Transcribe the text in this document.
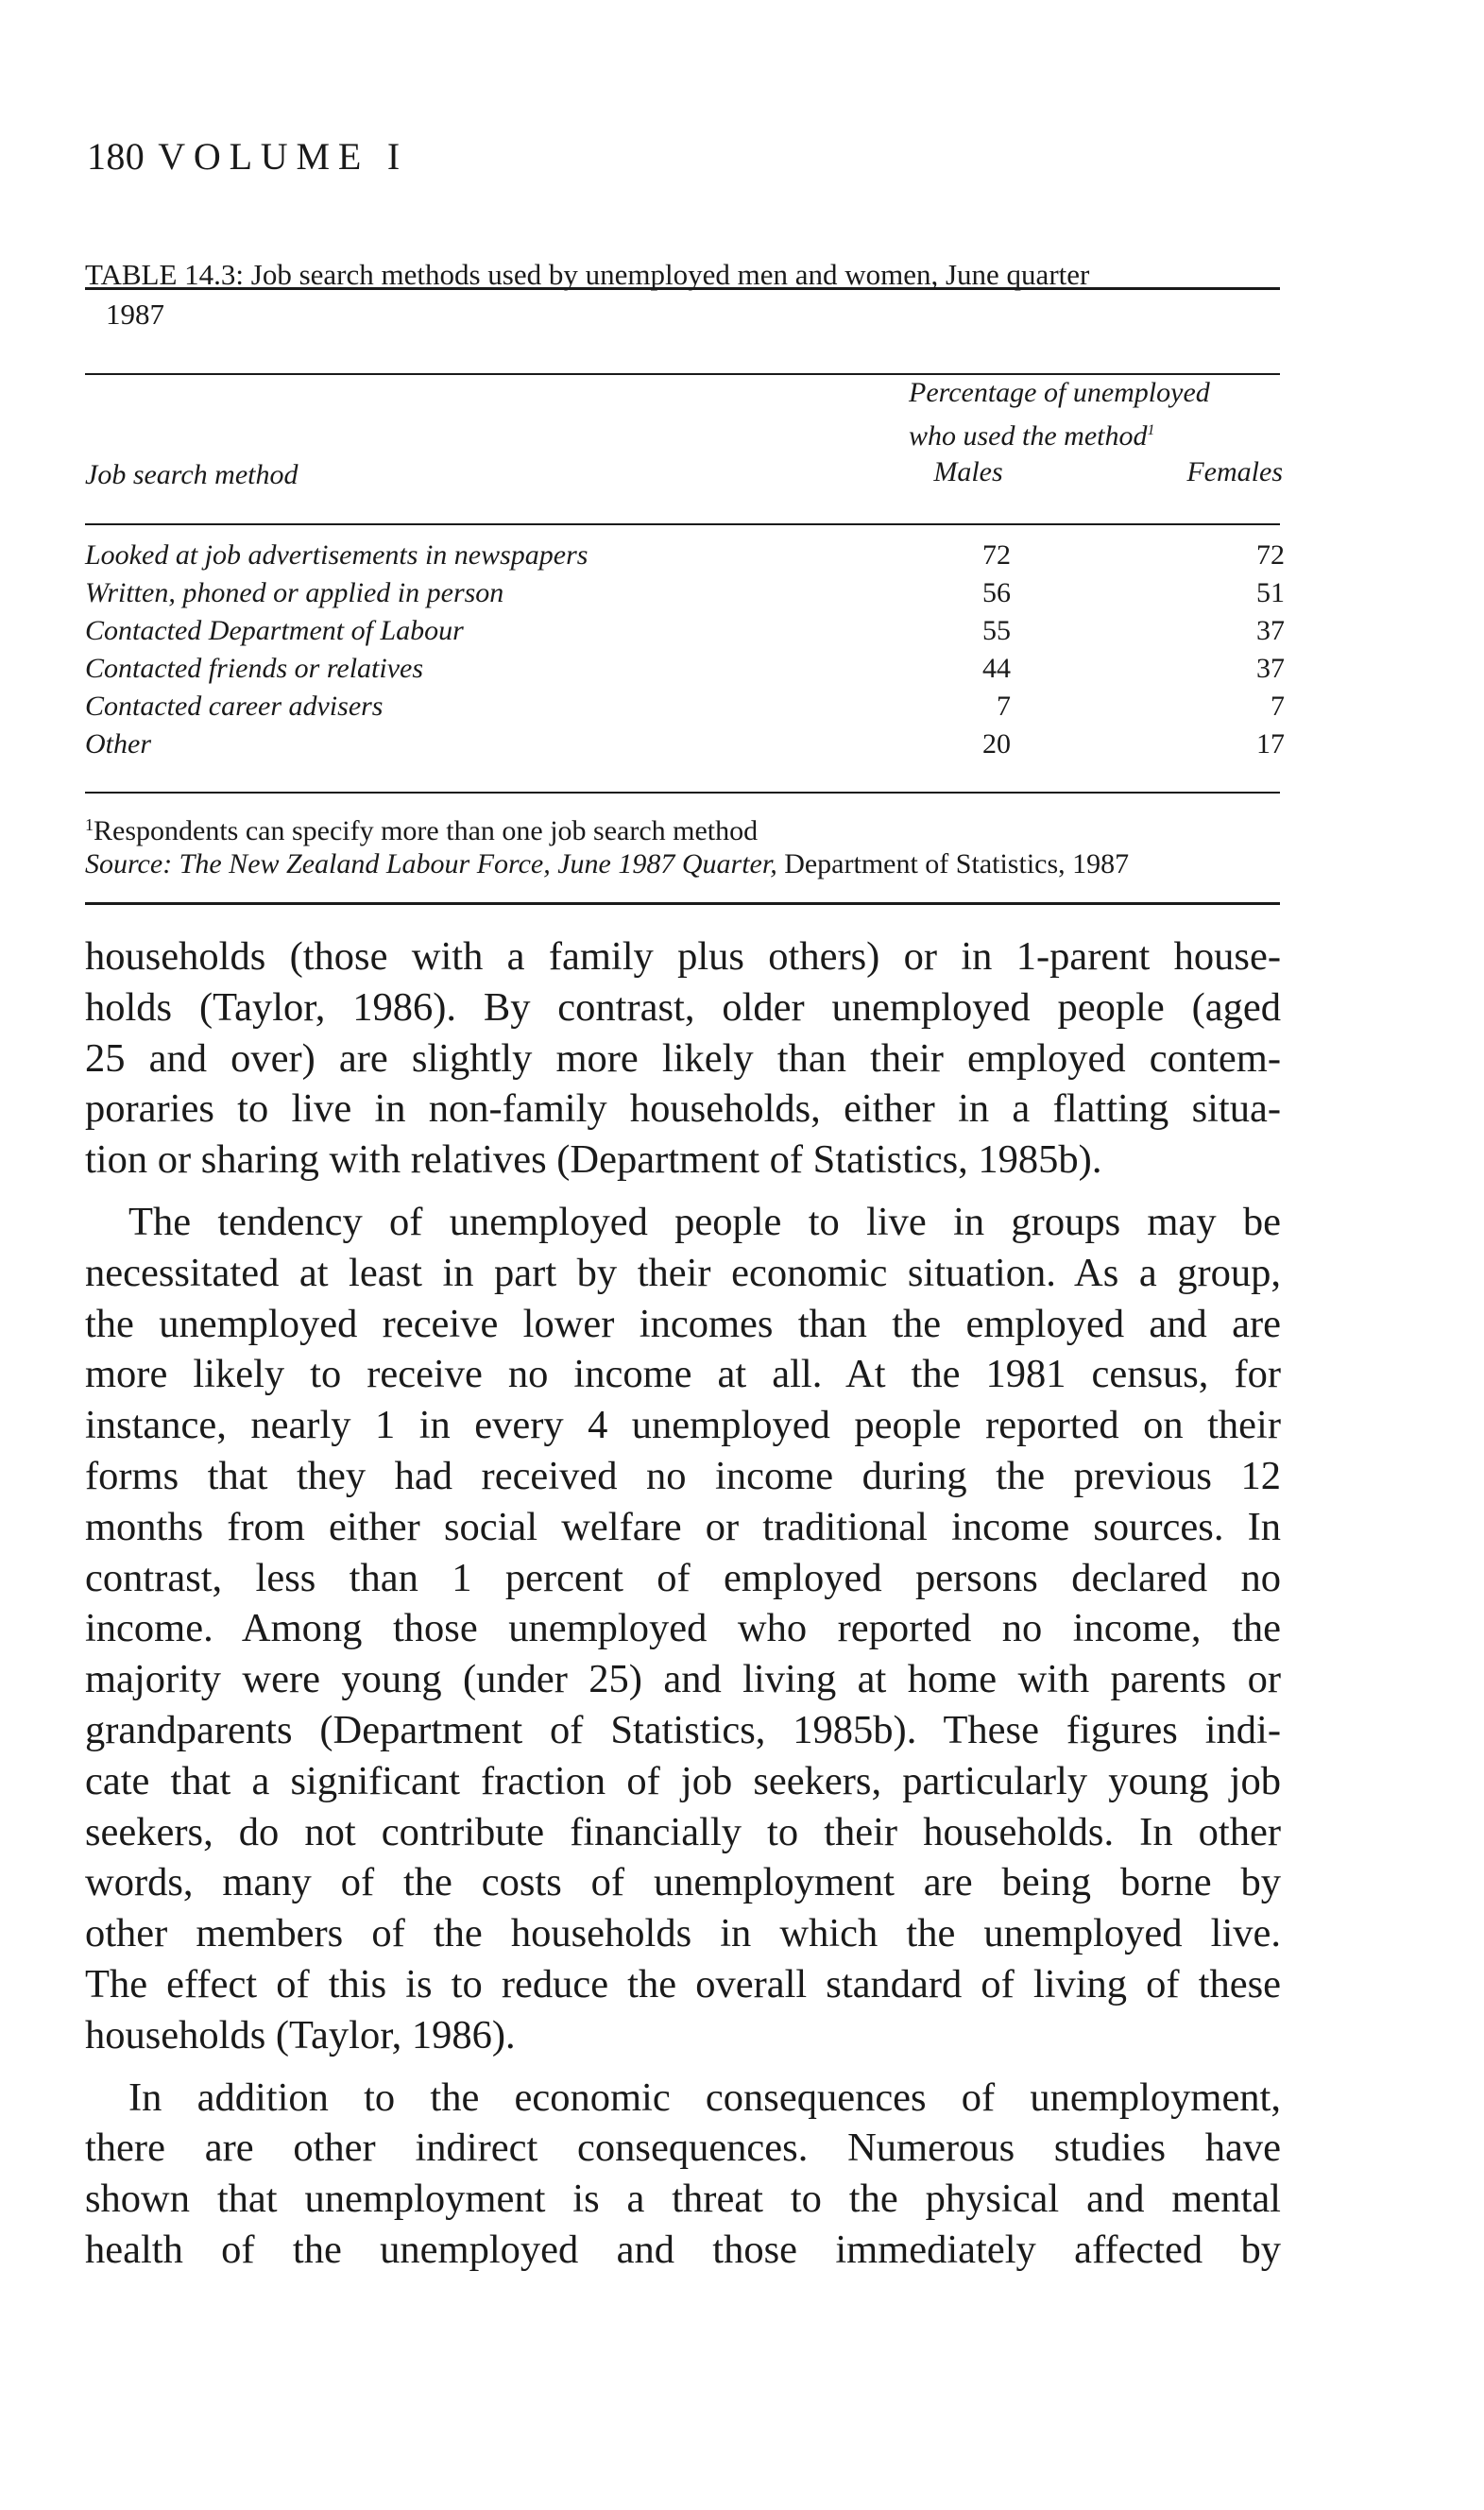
180 VOLUME I
TABLE 14.3: Job search methods used by unemployed men and women, June quarter
1987
Percentage of unemployed
who used the method$^1$
Job search method	Males	Females
Looked at job advertisements in newspapers	72	72
Written, phoned or applied in person	56	51
Contacted Department of Labour	55	37
Contacted friends or relatives	44	37
Contacted career advisers	7	7
Other	20	17
$^1$Respondents can specify more than one job search method
Source: The New Zealand Labour Force, June 1987 Quarter, Department of Statistics, 1987

households (those with a family plus others) or in 1-parent house-
holds (Taylor, 1986). By contrast, older unemployed people (aged
25 and over) are slightly more likely than their employed contem-
poraries to live in non-family households, either in a flatting situa-
tion or sharing with relatives (Department of Statistics, 1985b).

The tendency of unemployed people to live in groups may be
necessitated at least in part by their economic situation. As a group,
the unemployed receive lower incomes than the employed and are
more likely to receive no income at all. At the 1981 census, for
instance, nearly 1 in every 4 unemployed people reported on their
forms that they had received no income during the previous 12
months from either social welfare or traditional income sources. In
contrast, less than 1 percent of employed persons declared no
income. Among those unemployed who reported no income, the
majority were young (under 25) and living at home with parents or
grandparents (Department of Statistics, 1985b). These figures indi-
cate that a significant fraction of job seekers, particularly young job
seekers, do not contribute financially to their households. In other
words, many of the costs of unemployment are being borne by
other members of the households in which the unemployed live.
The effect of this is to reduce the overall standard of living of these
households (Taylor, 1986).

In addition to the economic consequences of unemployment,
there are other indirect consequences. Numerous studies have
shown that unemployment is a threat to the physical and mental
health of the unemployed and those immediately affected by
